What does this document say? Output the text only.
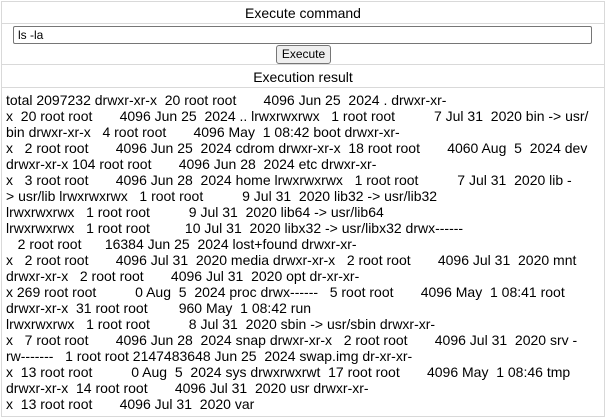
Execute command
ls -la
Execute
Execution result
total 2097232 drwxr-xr-x  20 root root       4096 Jun 25  2024 . drwxr-xr-
x  20 root root       4096 Jun 25  2024 .. lrwxrwxrwx   1 root root          7 Jul 31  2020 bin -> usr/
bin drwxr-xr-x   4 root root       4096 May  1 08:42 boot drwxr-xr-
x   2 root root       4096 Jun 25  2024 cdrom drwxr-xr-x  18 root root       4060 Aug  5  2024 dev
drwxr-xr-x 104 root root       4096 Jun 28  2024 etc drwxr-xr-
x   3 root root       4096 Jun 28  2024 home lrwxrwxrwx   1 root root          7 Jul 31  2020 lib -
> usr/lib lrwxrwxrwx   1 root root          9 Jul 31  2020 lib32 -> usr/lib32
lrwxrwxrwx   1 root root          9 Jul 31  2020 lib64 -> usr/lib64
lrwxrwxrwx   1 root root         10 Jul 31  2020 libx32 -> usr/libx32 drwx------
2 root root      16384 Jun 25  2024 lost+found drwxr-xr-
x   2 root root       4096 Jul 31  2020 media drwxr-xr-x   2 root root       4096 Jul 31  2020 mnt
drwxr-xr-x   2 root root       4096 Jul 31  2020 opt dr-xr-xr-
x 269 root root          0 Aug  5  2024 proc drwx------   5 root root       4096 May  1 08:41 root
drwxr-xr-x  31 root root        960 May  1 08:42 run
lrwxrwxrwx   1 root root          8 Jul 31  2020 sbin -> usr/sbin drwxr-xr-
x   7 root root       4096 Jun 28  2024 snap drwxr-xr-x   2 root root       4096 Jul 31  2020 srv -
rw-------   1 root root 2147483648 Jun 25  2024 swap.img dr-xr-xr-
x  13 root root          0 Aug  5  2024 sys drwxrwxrwt  17 root root       4096 May  1 08:46 tmp
drwxr-xr-x  14 root root       4096 Jul 31  2020 usr drwxr-xr-
x  13 root root       4096 Jul 31  2020 var
